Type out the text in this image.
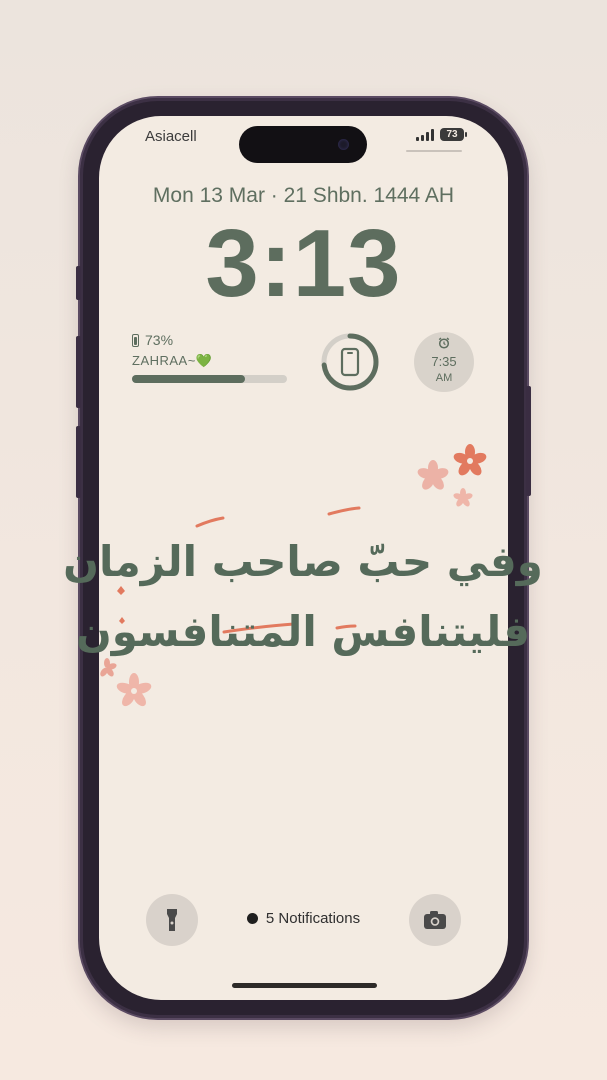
Asiacell	73
Mon 13 Mar · 21 Shbn. 1444 AH
3:13
73%
ZAHRAA~💚	7:35
AM
وفي حبّ صاحب الزمان
فليتنافس المتنافسون
5 Notifications
